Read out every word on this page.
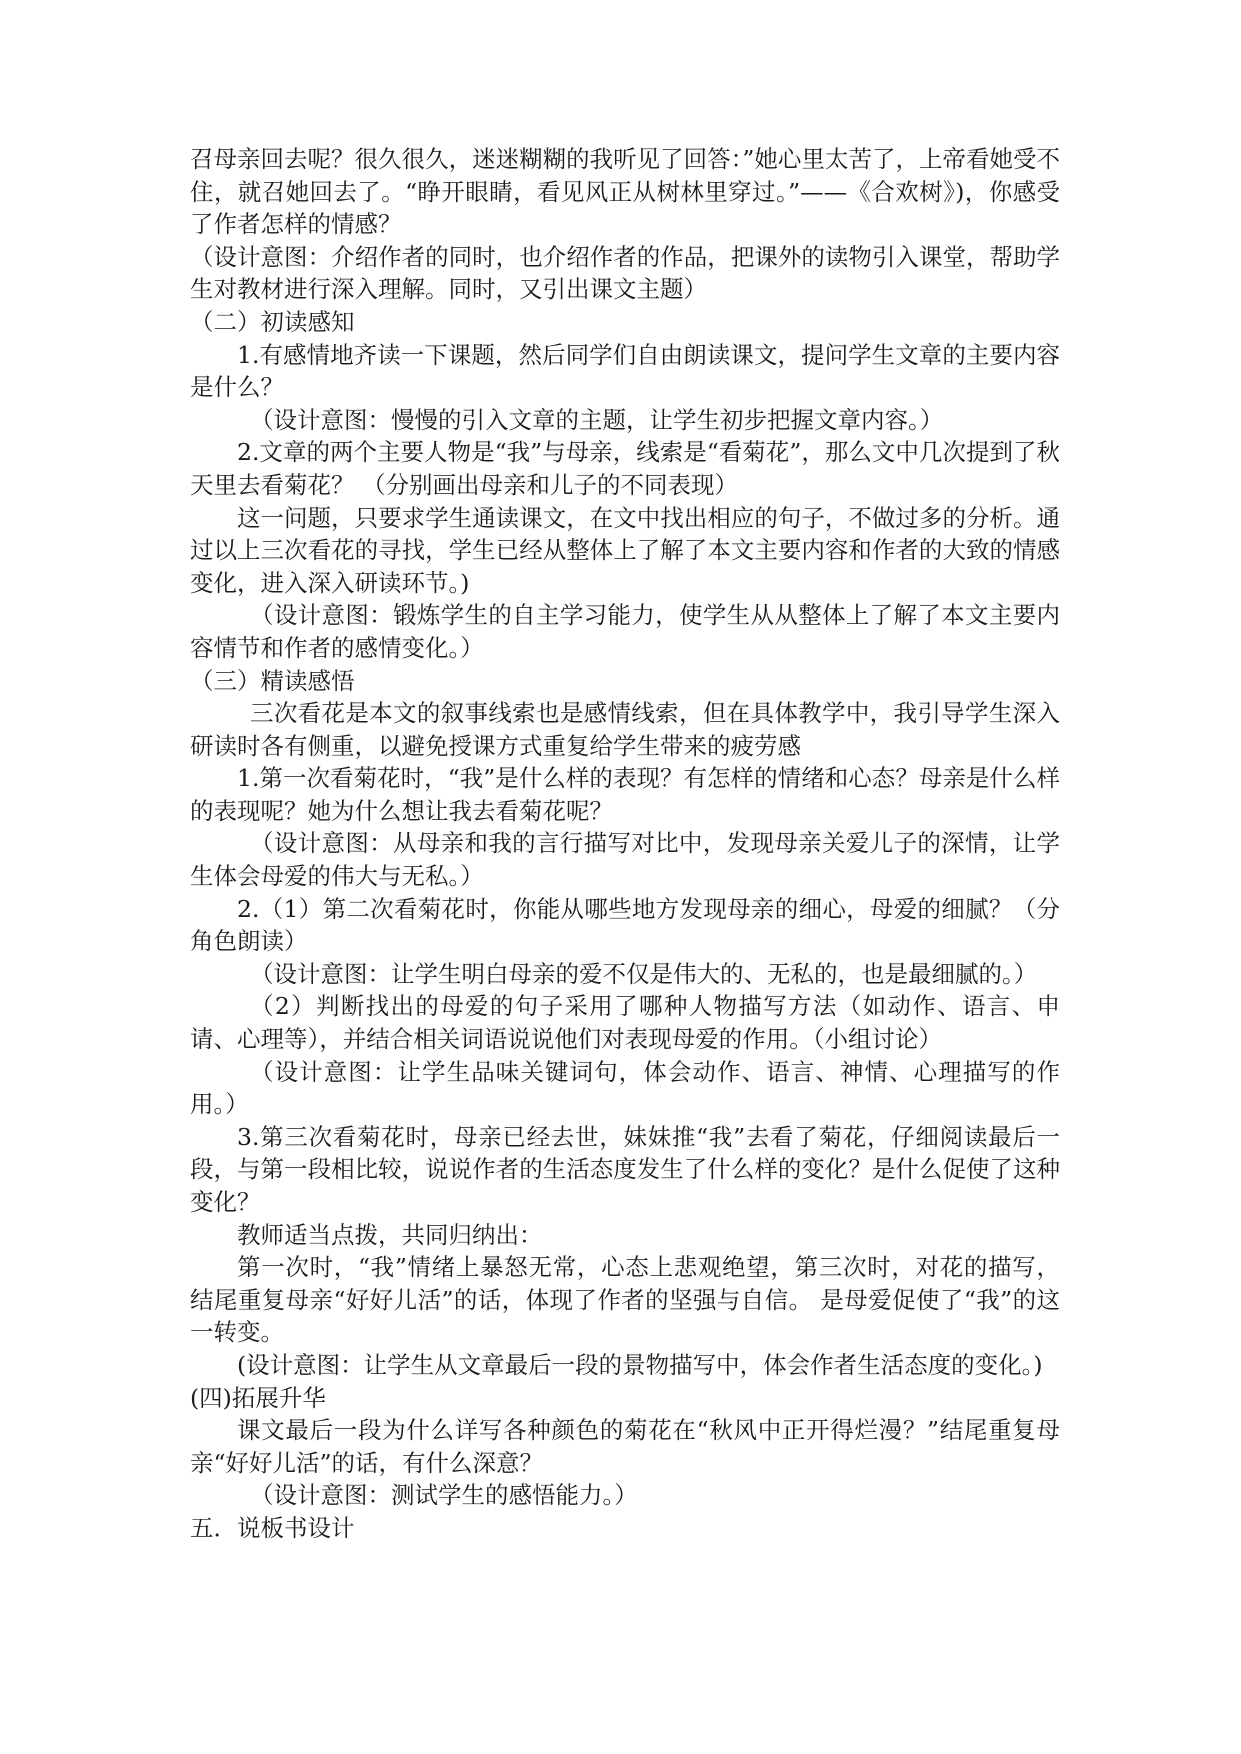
召母亲回去呢？很久很久，迷迷糊糊的我听见了回答：”她心里太苦了，上帝看她受不住，就召她回去了。“睁开眼睛，看见风正从树林里穿过。”——《合欢树》)，你感受了作者怎样的情感？

（设计意图：介绍作者的同时，也介绍作者的作品，把课外的读物引入课堂，帮助学生对教材进行深入理解。同时，又引出课文主题）

（二）初读感知

1.有感情地齐读一下课题，然后同学们自由朗读课文，提问学生文章的主要内容是什么？

（设计意图：慢慢的引入文章的主题，让学生初步把握文章内容。）

2.文章的两个主要人物是“我”与母亲，线索是“看菊花”，那么文中几次提到了秋天里去看菊花？ （分别画出母亲和儿子的不同表现）

这一问题，只要求学生通读课文，在文中找出相应的句子，不做过多的分析。通过以上三次看花的寻找，学生已经从整体上了解了本文主要内容和作者的大致的情感变化，进入深入研读环节。)

（设计意图：锻炼学生的自主学习能力，使学生从从整体上了解了本文主要内容情节和作者的感情变化。）

（三）精读感悟

三次看花是本文的叙事线索也是感情线索，但在具体教学中，我引导学生深入研读时各有侧重，以避免授课方式重复给学生带来的疲劳感

1.第一次看菊花时，“我”是什么样的表现？有怎样的情绪和心态？母亲是什么样的表现呢？她为什么想让我去看菊花呢？

（设计意图：从母亲和我的言行描写对比中，发现母亲关爱儿子的深情，让学生体会母爱的伟大与无私。）

2.（1）第二次看菊花时，你能从哪些地方发现母亲的细心，母爱的细腻？（分角色朗读）

（设计意图：让学生明白母亲的爱不仅是伟大的、无私的，也是最细腻的。）

（2）判断找出的母爱的句子采用了哪种人物描写方法（如动作、语言、申请、心理等），并结合相关词语说说他们对表现母爱的作用。（小组讨论）

（设计意图：让学生品味关键词句，体会动作、语言、神情、心理描写的作用。）

3.第三次看菊花时，母亲已经去世，妹妹推“我”去看了菊花，仔细阅读最后一段，与第一段相比较，说说作者的生活态度发生了什么样的变化？是什么促使了这种变化？

教师适当点拨，共同归纳出：

第一次时，“我”情绪上暴怒无常，心态上悲观绝望，第三次时，对花的描写， 结尾重复母亲“好好儿活”的话，体现了作者的坚强与自信。 是母爱促使了“我”的这一转变。

(设计意图：让学生从文章最后一段的景物描写中，体会作者生活态度的变化。)

(四)拓展升华

课文最后一段为什么详写各种颜色的菊花在“秋风中正开得烂漫？”结尾重复母亲“好好儿活”的话，有什么深意？

（设计意图：测试学生的感悟能力。）

五．说板书设计
